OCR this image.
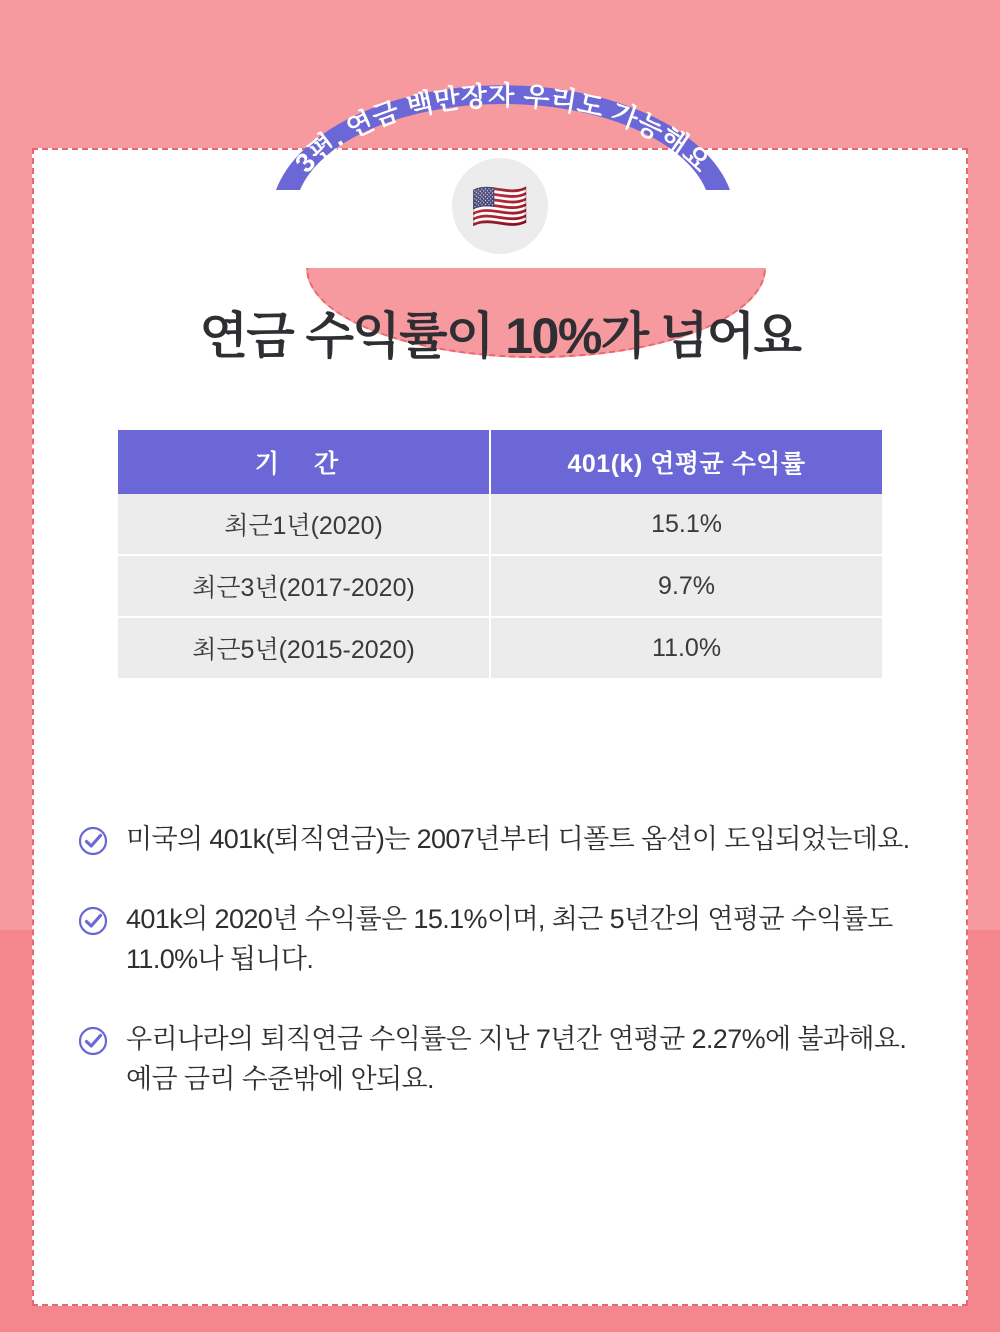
3편. 연금 백만장자 우리도 가능해요
🇺🇸
연금 수익률이 10%가 넘어요
기 간	401(k) 연평균 수익률
최근1년(2020)	15.1%
최근3년(2017-2020)	9.7%
최근5년(2015-2020)	11.0%
미국의 401k(퇴직연금)는 2007년부터 디폴트 옵션이 도입되었는데요.
401k의 2020년 수익률은 15.1%이며, 최근 5년간의 연평균 수익률도 11.0%나 됩니다.
우리나라의 퇴직연금 수익률은 지난 7년간 연평균 2.27%에 불과해요. 예금 금리 수준밖에 안되요.
